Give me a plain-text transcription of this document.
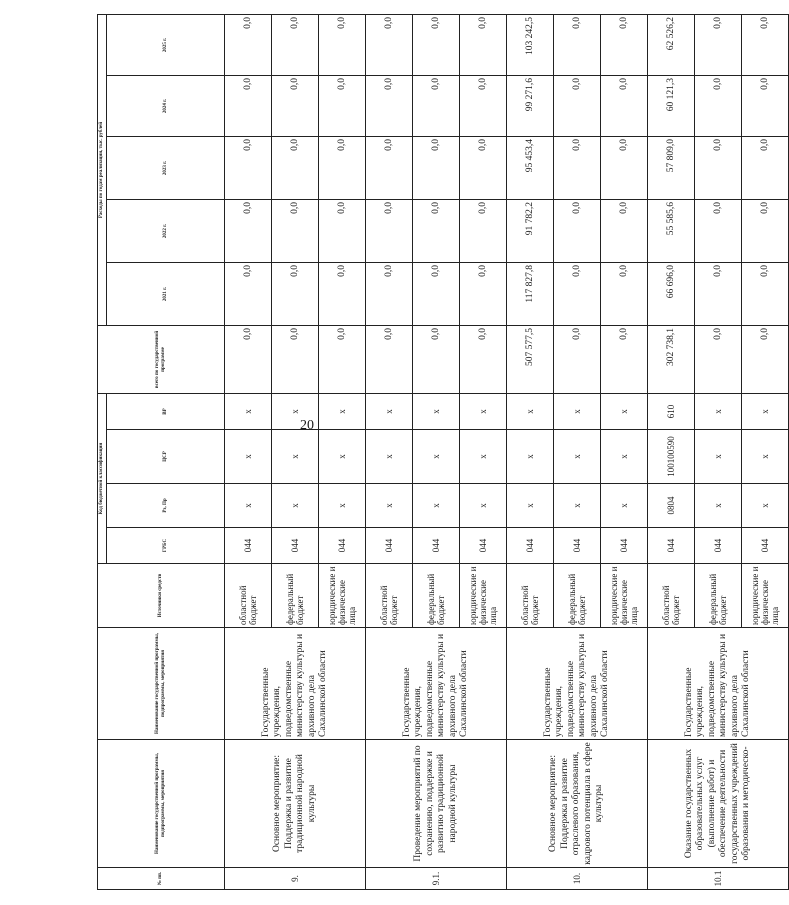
20
№ пп.	Наименование государственной программы, подпрограммы, мероприятия	Наименование государственной программы, подпрограммы, мероприятия	Источники средств	Код бюджетной классификации				всего по государственной программе	Расходы по годам реализации, тыс. рублей				
				ГРБС	Рз, Пр	ЦСР	ВР		2021 г.	2022 г.	2023 г.	2024 г.	2025 г.
9.	Основное мероприятие: Поддержка и развитие традиционной народной культуры	Государственные учреждения, подведомственные министерству культуры и архивного дела Сахалинской области	областной бюджет	044	х	х	х	0,0	0,0	0,0	0,0	0,0	0,0
			федеральный бюджет	044	х	х	х	0,0	0,0	0,0	0,0	0,0	0,0
			юридические и физические лица	044	х	х	х	0,0	0,0	0,0	0,0	0,0	0,0
9.1.	Проведение мероприятий по сохранению, поддержке и развитию традиционной народной культуры	Государственные учреждения, подведомственные министерству культуры и архивного дела Сахалинской области	областной бюджет	044	х	х	х	0,0	0,0	0,0	0,0	0,0	0,0
			федеральный бюджет	044	х	х	х	0,0	0,0	0,0	0,0	0,0	0,0
			юридические и физические лица	044	х	х	х	0,0	0,0	0,0	0,0	0,0	0,0
10.	Основное мероприятие: Поддержка и развитие отраслевого образования, кадрового потенциала в сфере культуры	Государственные учреждения, подведомственные министерству культуры и архивного дела Сахалинской области	областной бюджет	044	х	х	х	507 577,5	117 827,8	91 782,2	95 453,4	99 271,6	103 242,5
			федеральный бюджет	044	х	х	х	0,0	0,0	0,0	0,0	0,0	0,0
			юридические и физические лица	044	х	х	х	0,0	0,0	0,0	0,0	0,0	0,0
10.1	Оказание государственных образовательных услуг (выполнение работ) и обеспечение деятельности государственных учреждений образования и методическо-	Государственные учреждения, подведомственные министерству культуры и архивного дела Сахалинской области	областной бюджет	044	0804	100100590	610	302 738,1	66 696,0	55 585,6	57 809,0	60 121,3	62 526,2
			федеральный бюджет	044	х	х	х	0,0	0,0	0,0	0,0	0,0	0,0
			юридические и физические лица	044	х	х	х	0,0	0,0	0,0	0,0	0,0	0,0
